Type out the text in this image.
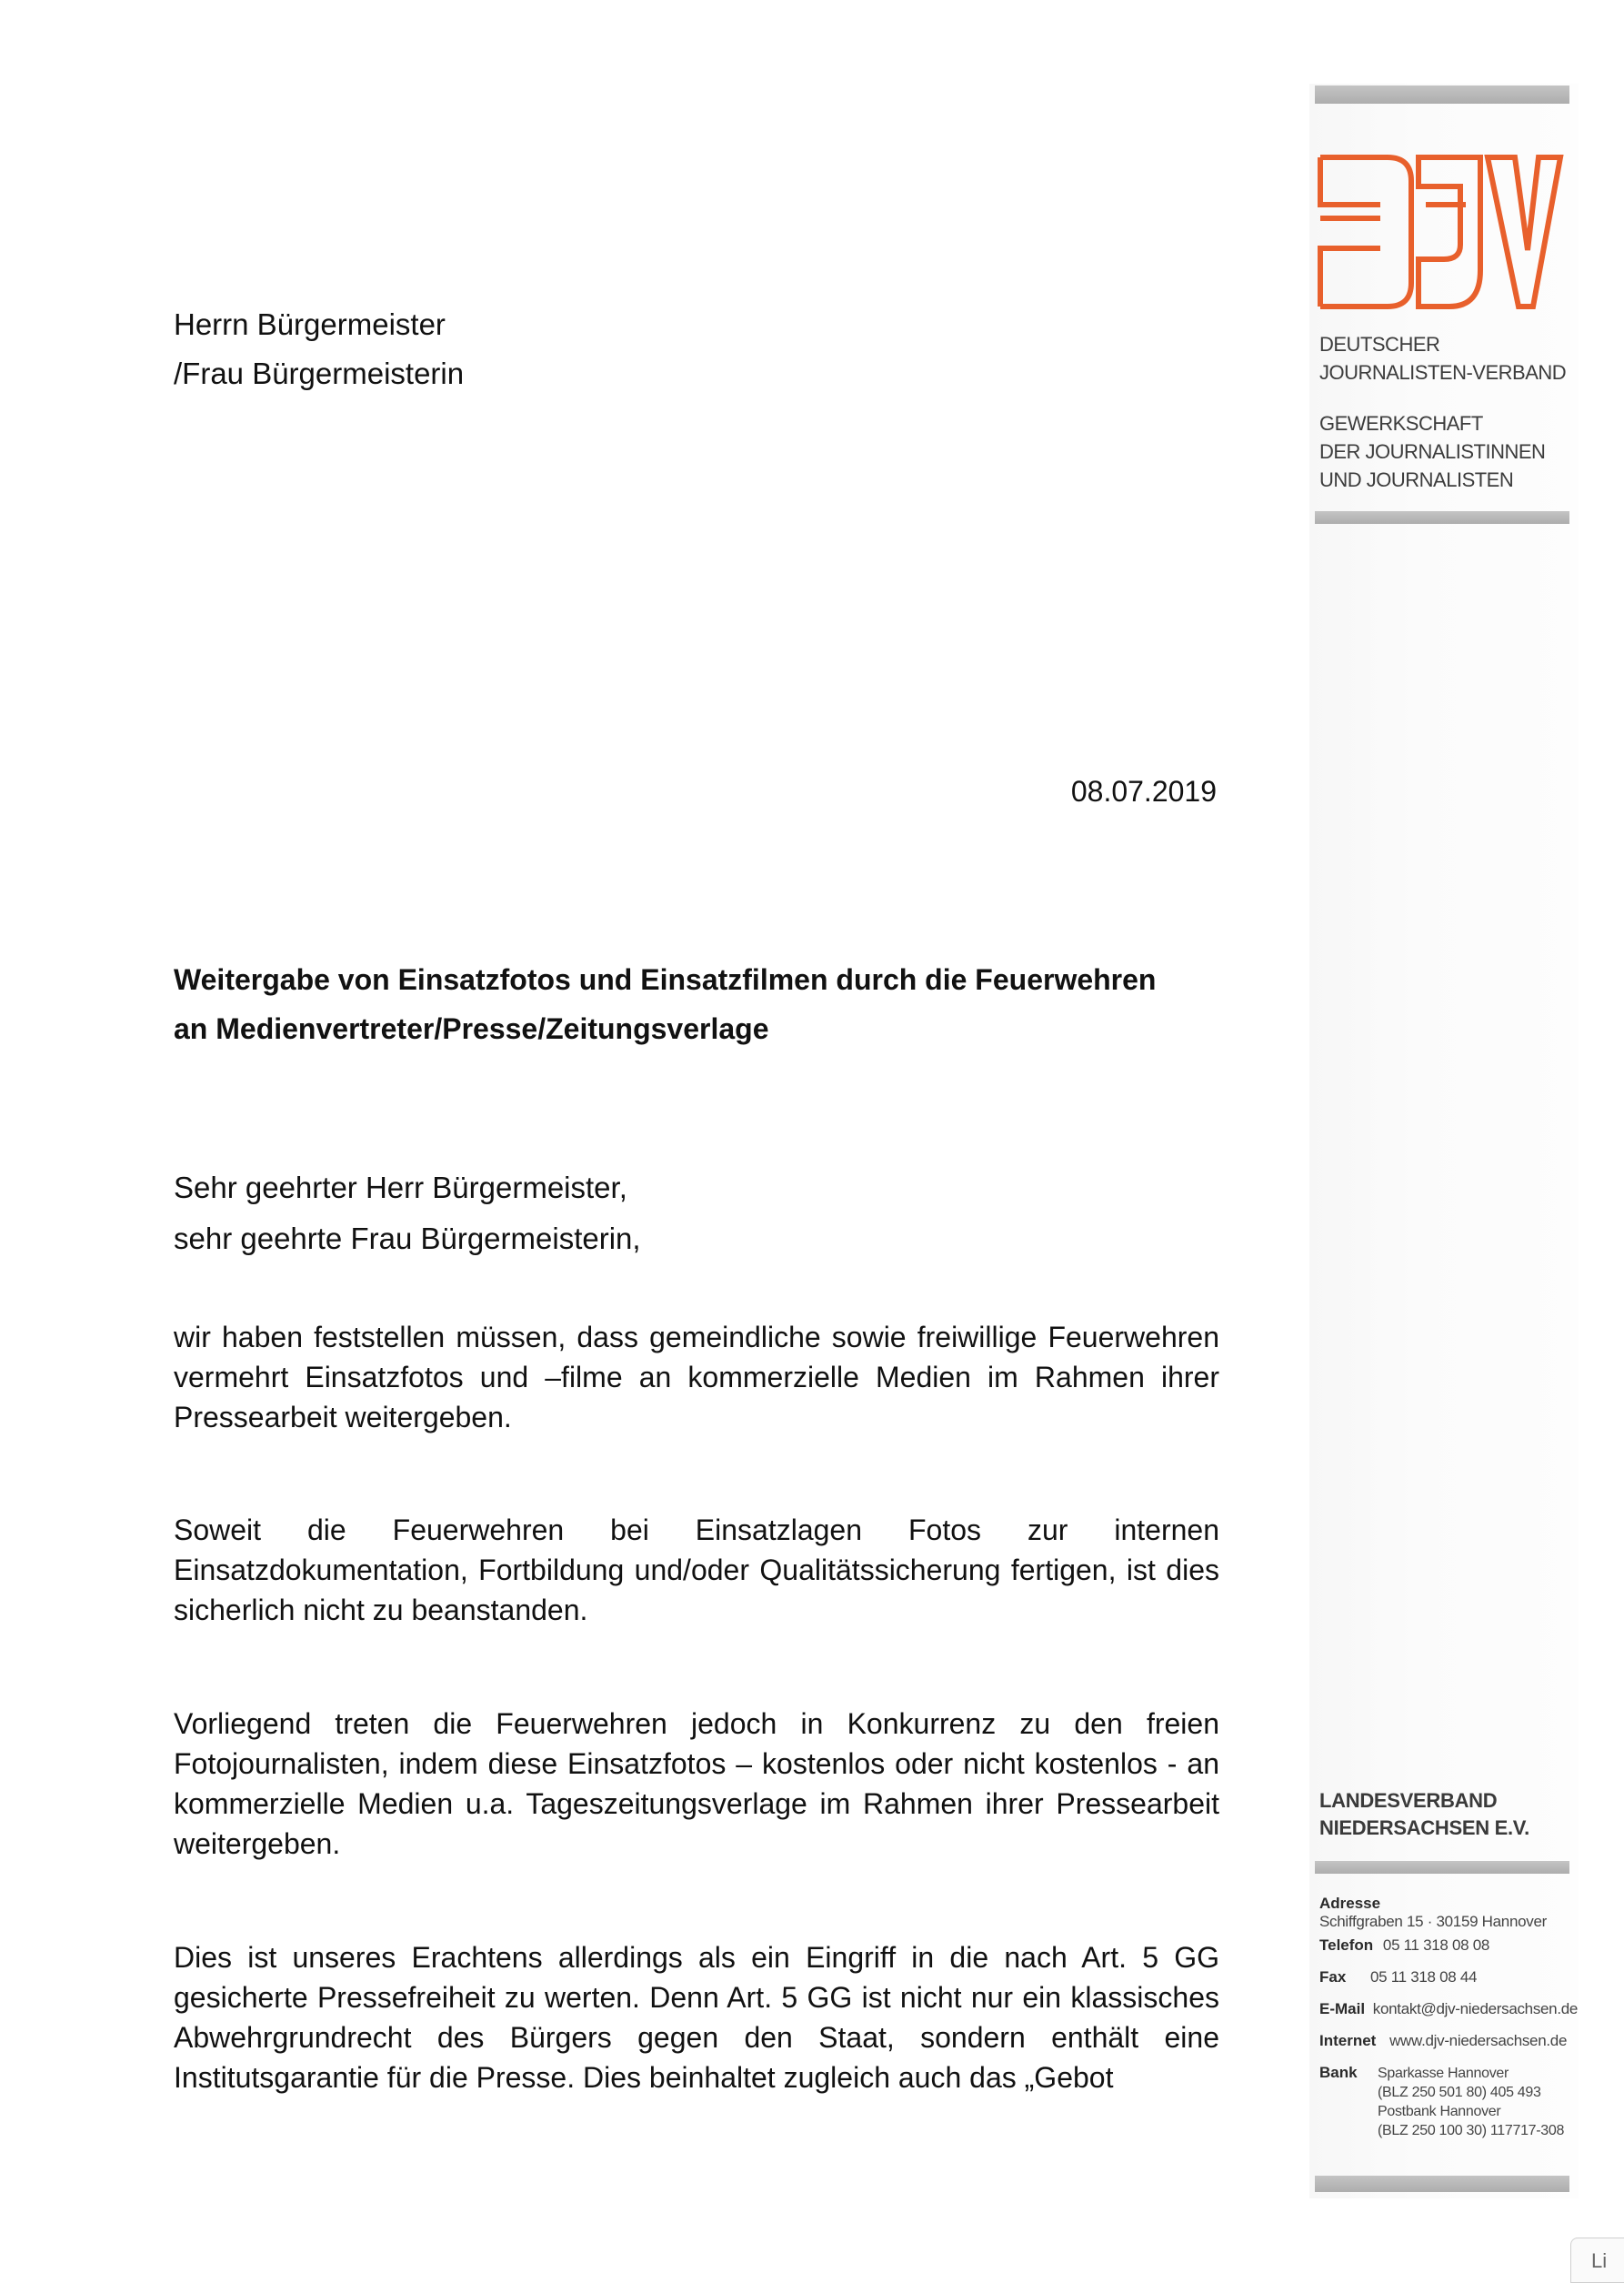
Herrn Bürgermeister
/Frau Bürgermeisterin
08.07.2019
Weitergabe von Einsatzfotos und Einsatzfilmen durch die Feuerwehren
an Medienvertreter/Presse/Zeitungsverlage
Sehr geehrter Herr Bürgermeister,
sehr geehrte Frau Bürgermeisterin,
wir haben feststellen müssen, dass gemeindliche sowie freiwillige Feuerwehren vermehrt Einsatzfotos und –filme an kommerzielle Medien im Rahmen ihrer Pressearbeit weitergeben.
Soweit die Feuerwehren bei Einsatzlagen Fotos zur internen Einsatzdokumentation, Fortbildung und/oder Qualitätssicherung fertigen, ist dies sicherlich nicht zu beanstanden.
Vorliegend treten die Feuerwehren jedoch in Konkurrenz zu den freien Fotojournalisten, indem diese Einsatzfotos – kostenlos oder nicht kostenlos - an kommerzielle Medien u.a. Tageszeitungsverlage im Rahmen ihrer Pressearbeit weitergeben.
Dies ist unseres Erachtens allerdings als ein Eingriff in die nach Art. 5 GG gesicherte Pressefreiheit zu werten. Denn Art. 5 GG ist nicht nur ein klassisches Abwehrgrundrecht des Bürgers gegen den Staat, sondern enthält eine Institutsgarantie für die Presse. Dies beinhaltet zugleich auch das „Gebot
DEUTSCHER
JOURNALISTEN-VERBAND
GEWERKSCHAFT
DER JOURNALISTINNEN
UND JOURNALISTEN
LANDESVERBAND
NIEDERSACHSEN E.V.
Adresse
Schiffgraben 15 · 30159 Hannover
Telefon 05 11 318 08 08
Fax 05 11 318 08 44
E-Mail kontakt@djv-niedersachsen.de
Internet www.djv-niedersachsen.de
Bank	Sparkasse Hannover
(BLZ 250 501 80) 405 493
Postbank Hannover
(BLZ 250 100 30) 117717-308
Li
